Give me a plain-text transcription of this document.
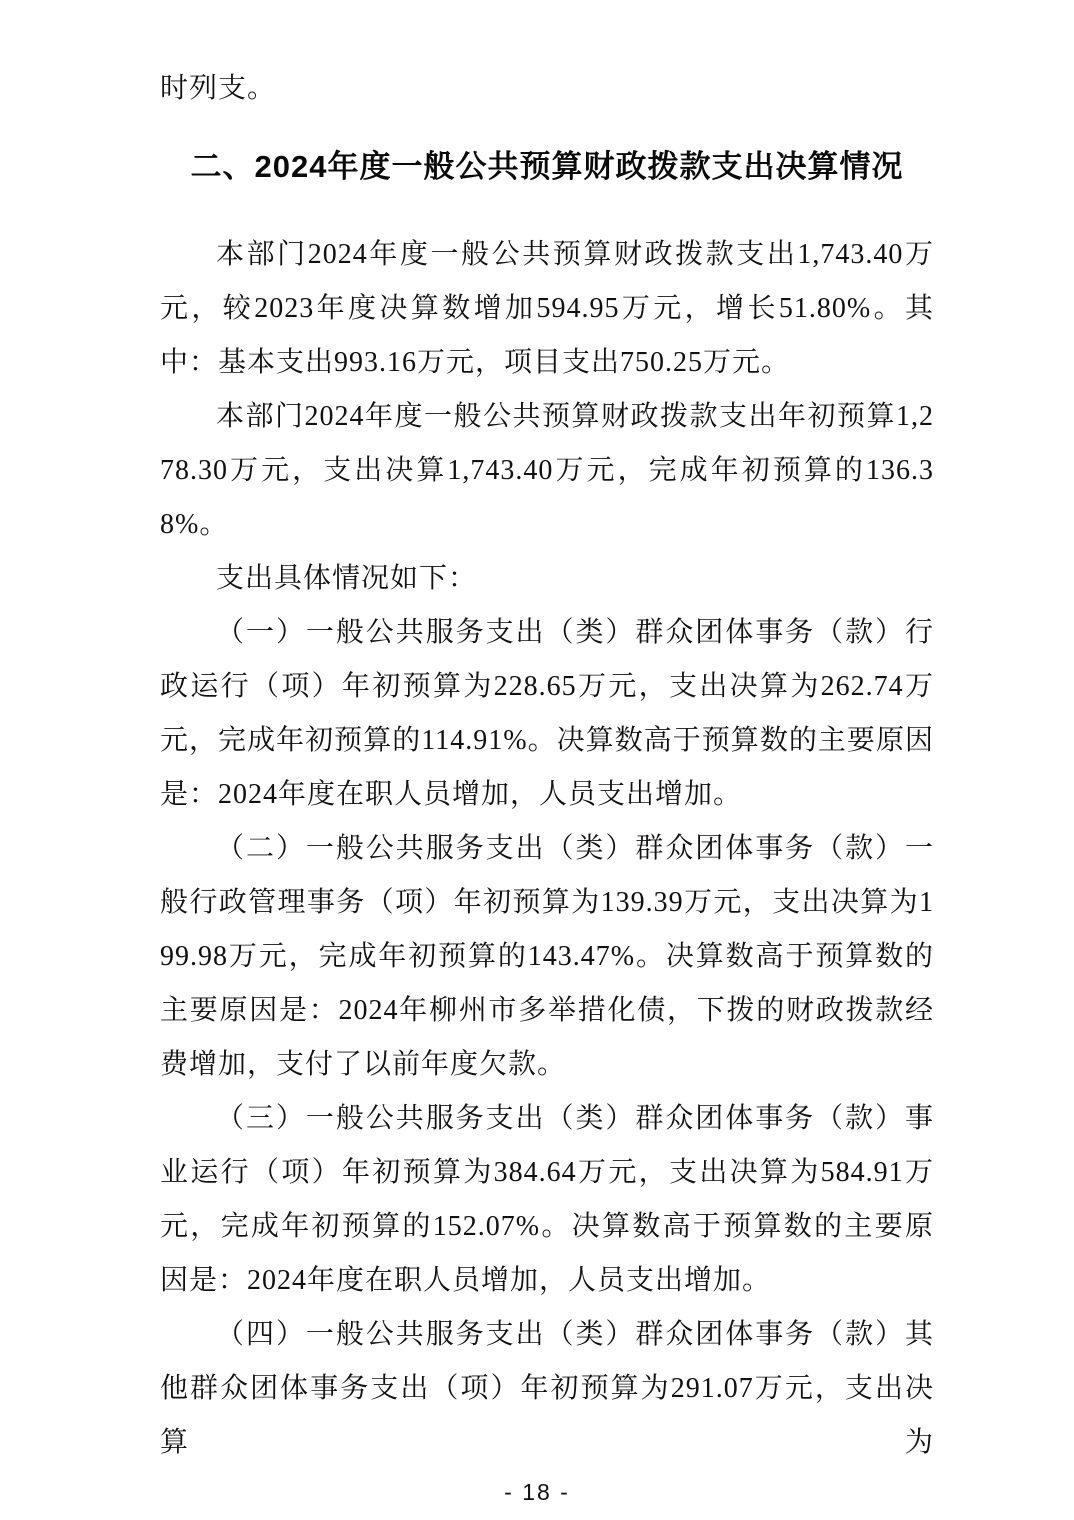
时列支。

二、2024年度一般公共预算财政拨款支出决算情况

本部门2024年度一般公共预算财政拨款支出1,743.40万元，较2023年度决算数增加594.95万元，增长51.80%。其中：基本支出993.16万元，项目支出750.25万元。

本部门2024年度一般公共预算财政拨款支出年初预算1,278.30万元，支出决算1,743.40万元，完成年初预算的136.38%。

支出具体情况如下：

（一）一般公共服务支出（类）群众团体事务（款）行政运行（项）年初预算为228.65万元，支出决算为262.74万元，完成年初预算的114.91%。决算数高于预算数的主要原因是：2024年度在职人员增加，人员支出增加。

（二）一般公共服务支出（类）群众团体事务（款）一般行政管理事务（项）年初预算为139.39万元，支出决算为199.98万元，完成年初预算的143.47%。决算数高于预算数的主要原因是：2024年柳州市多举措化债，下拨的财政拨款经费增加，支付了以前年度欠款。

（三）一般公共服务支出（类）群众团体事务（款）事业运行（项）年初预算为384.64万元，支出决算为584.91万元，完成年初预算的152.07%。决算数高于预算数的主要原因是：2024年度在职人员增加，人员支出增加。

（四）一般公共服务支出（类）群众团体事务（款）其他群众团体事务支出（项）年初预算为291.07万元，支出决算为

- 18 -
